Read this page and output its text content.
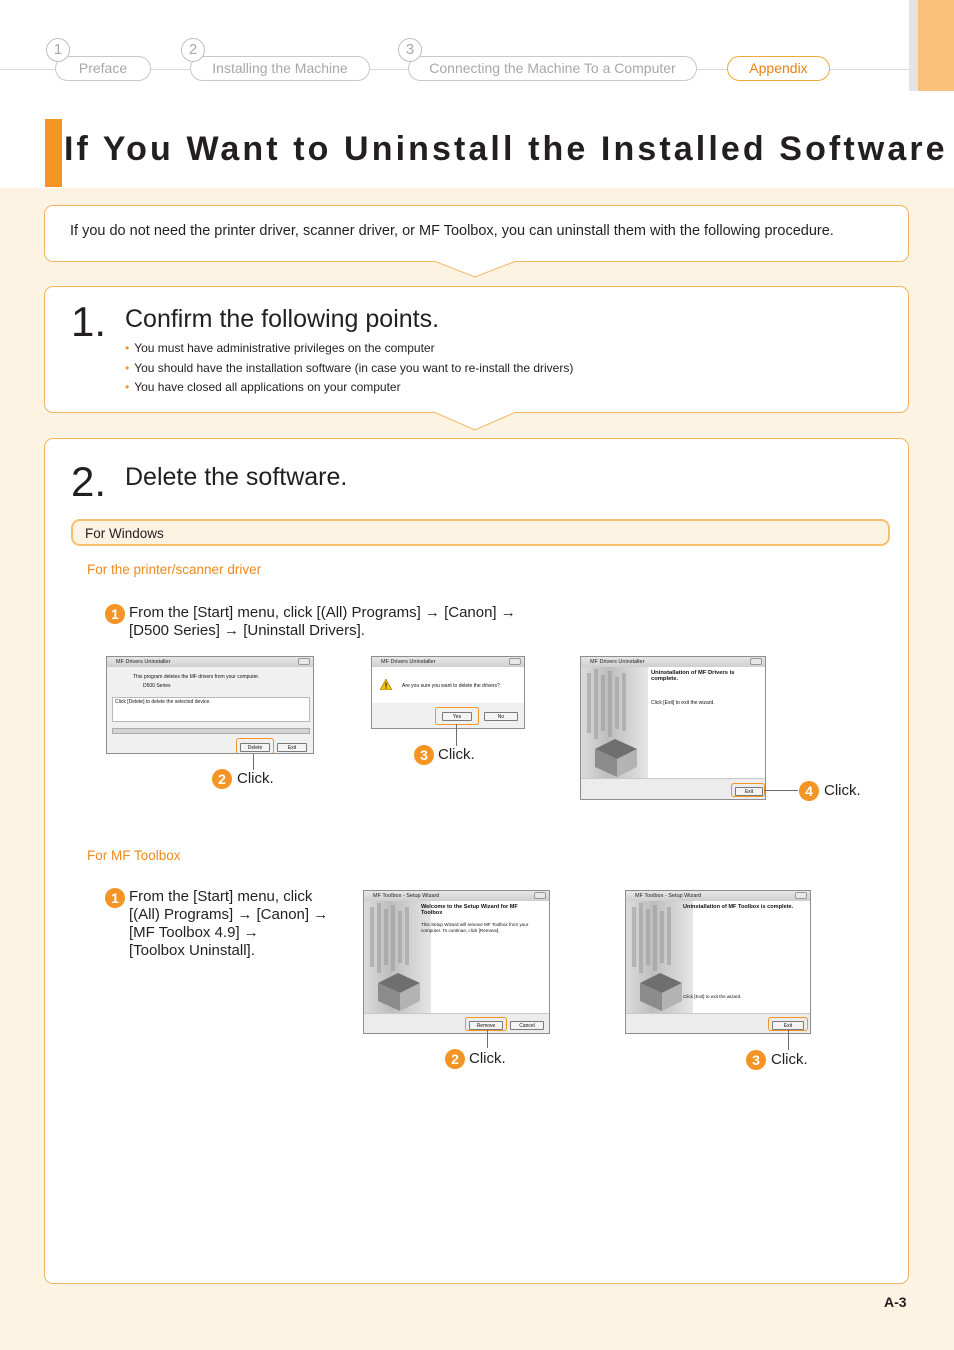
Preface
1
Installing the Machine
2
Connecting the Machine To a Computer
3
Appendix
If You Want to Uninstall the Installed Software

If you do not need the printer driver, scanner driver, or MF Toolbox, you can uninstall them with the following procedure.

1. Confirm the following points.
• You must have administrative privileges on the computer
• You should have the installation software (in case you want to re-install the drivers)
• You have closed all applications on your computer
2. Delete the software.
For Windows
For the printer/scanner driver
1 From the [Start] menu, click [(All) Programs] → [Canon] →
[D500 Series] → [Uninstall Drivers].
MF Drivers Uninstaller
This program deletes the MF drivers from your computer.
D500 Series
Click [Delete] to delete the selected device.
Delete	Exit
2 Click.
MF Drivers Uninstaller
Are you sure you want to delete the drivers?
Yes	No
3 Click.
MF Drivers Uninstaller
Uninstallation of MF Drivers is
complete.
Click [Exit] to exit the wizard.
Exit	4 Click.
For MF Toolbox
1 From the [Start] menu, click
[(All) Programs] → [Canon] →
[MF Toolbox 4.9] →
[Toolbox Uninstall].
MF Toolbox - Setup Wizard
Welcome to the Setup Wizard for MF
Toolbox
This Setup Wizard will remove MF Toolbox from your
computer. To continue, click [Remove].
Remove	Cancel
2 Click.
MF Toolbox - Setup Wizard
Uninstallation of MF Toolbox is complete.
Click [Exit] to exit the wizard.
Exit
3 Click.
A-3
